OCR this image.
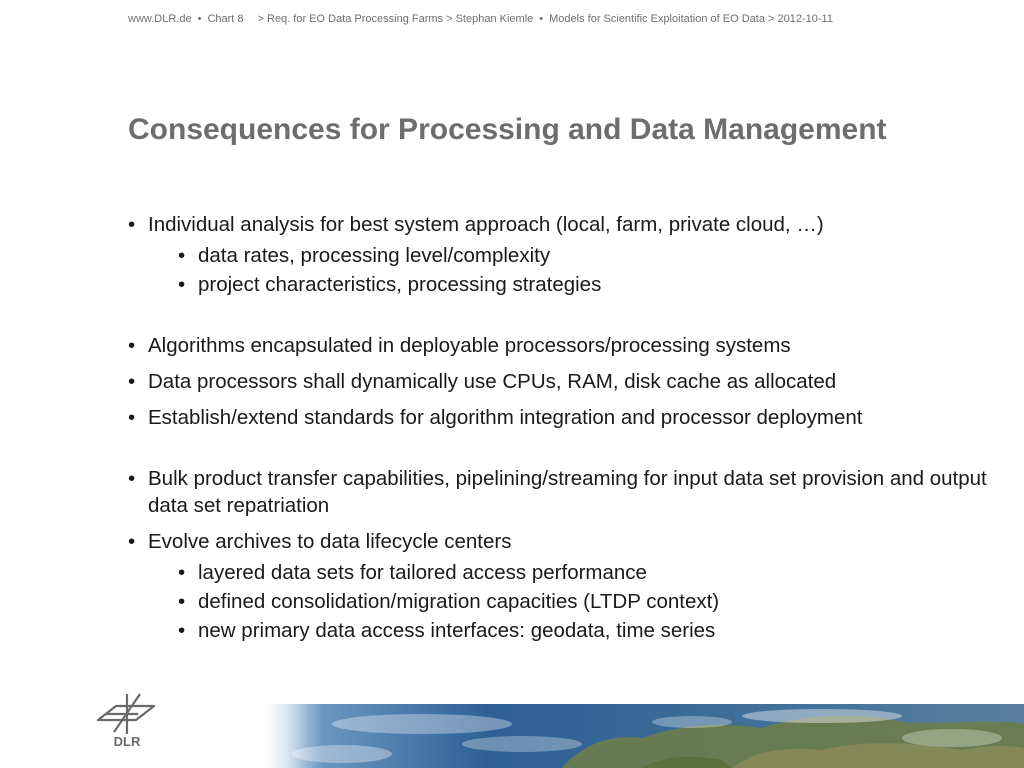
www.DLR.de • Chart 8 > Req. for EO Data Processing Farms > Stephan Kiemle • Models for Scientific Exploitation of EO Data > 2012-10-11
Consequences for Processing and Data Management
• Individual analysis for best system approach (local, farm, private cloud, …)
• data rates, processing level/complexity
• project characteristics, processing strategies
• Algorithms encapsulated in deployable processors/processing systems
• Data processors shall dynamically use CPUs, RAM, disk cache as allocated
• Establish/extend standards for algorithm integration and processor deployment
• Bulk product transfer capabilities, pipelining/streaming for input data set provision and output data set repatriation
• Evolve archives to data lifecycle centers
• layered data sets for tailored access performance
• defined consolidation/migration capacities (LTDP context)
• new primary data access interfaces: geodata, time series
DLR
